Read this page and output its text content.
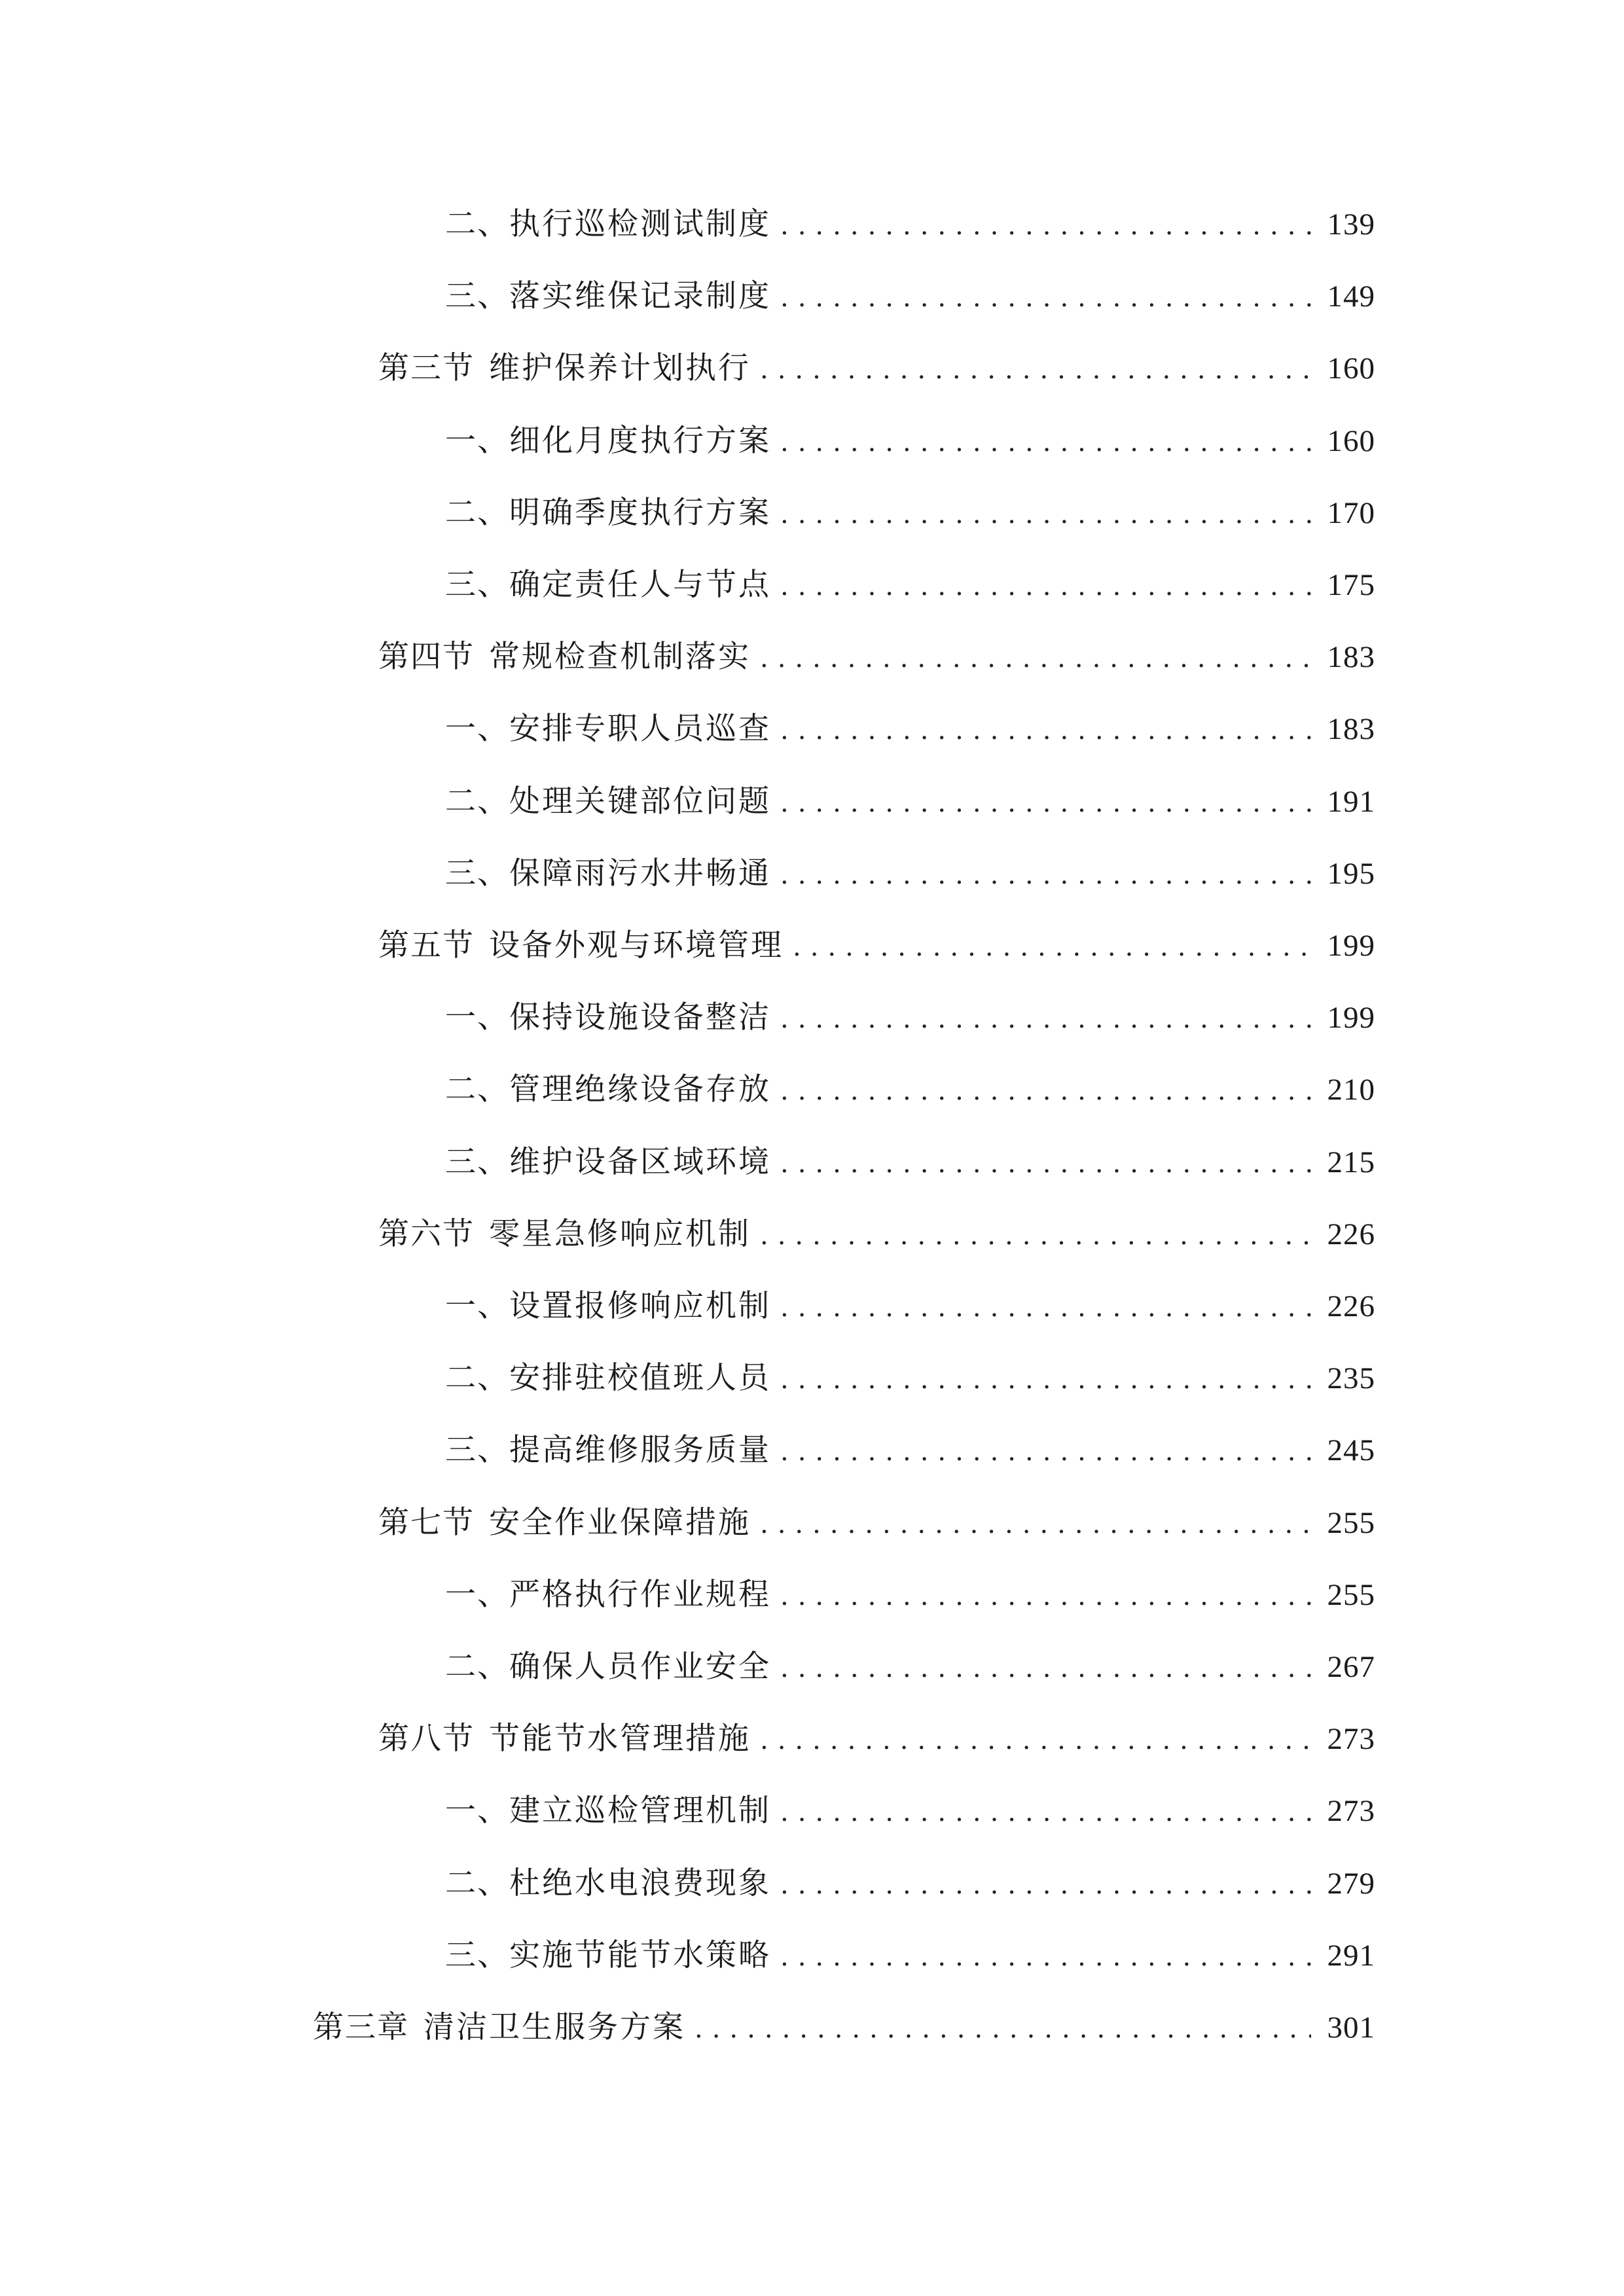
二、 执行巡检测试制度 .....	139
三、 落实维保记录制度 .....	149
第三节 维护保养计划执行 .....	160
一、 细化月度执行方案 .....	160
二、 明确季度执行方案 .....	170
三、 确定责任人与节点 .....	175
第四节 常规检查机制落实 .....	183
一、 安排专职人员巡查 .....	183
二、 处理关键部位问题 .....	191
三、 保障雨污水井畅通 .....	195
第五节 设备外观与环境管理 .....	199
一、 保持设施设备整洁 .....	199
二、 管理绝缘设备存放 .....	210
三、 维护设备区域环境 .....	215
第六节 零星急修响应机制 .....	226
一、 设置报修响应机制 .....	226
二、 安排驻校值班人员 .....	235
三、 提高维修服务质量 .....	245
第七节 安全作业保障措施 .....	255
一、 严格执行作业规程 .....	255
二、 确保人员作业安全 .....	267
第八节 节能节水管理措施 .....	273
一、 建立巡检管理机制 .....	273
二、 杜绝水电浪费现象 .....	279
三、 实施节能节水策略 .....	291
第三章 清洁卫生服务方案 .....	301
